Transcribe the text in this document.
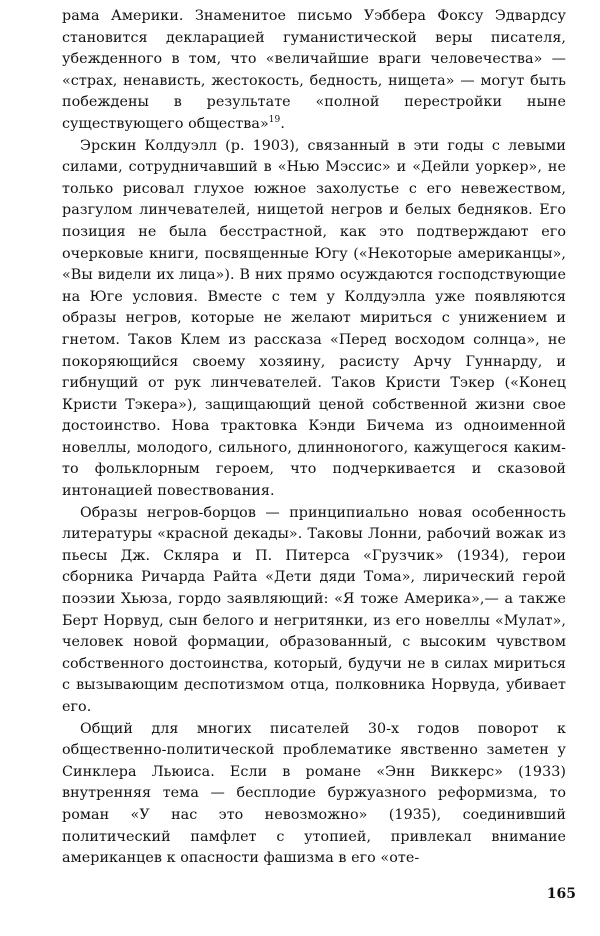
рама Америки. Знаменитое письмо Уэббера Фоксу Эдвардсу становится декларацией гуманистической веры писателя, убежденного в том, что «величайшие враги человечества» — «страх, ненависть, жестокость, бедность, нищета» — могут быть побеждены в результате «полной перестройки ныне существующего общества»$^{19}$.

Эрскин Колдуэлл (р. 1903), связанный в эти годы с левыми силами, сотрудничавший в «Нью Мэссис» и «Дейли уоркер», не только рисовал глухое южное захолустье с его невежеством, разгулом линчевателей, нищетой негров и белых бедняков. Его позиция не была бесстрастной, как это подтверждают его очерковые книги, посвященные Югу («Некоторые американцы», «Вы видели их лица»). В них прямо осуждаются господствующие на Юге условия. Вместе с тем у Колдуэлла уже появляются образы негров, которые не желают мириться с унижением и гнетом. Таков Клем из рассказа «Перед восходом солнца», не покоряющийся своему хозяину, расисту Арчу Гуннарду, и гибнущий от рук линчевателей. Таков Кристи Тэкер («Конец Кристи Тэкера»), защищающий ценой собственной жизни свое достоинство. Нова трактовка Кэнди Бичема из одноименной новеллы, молодого, сильного, длинноногого, кажущегося каким-то фольклорным героем, что подчеркивается и сказовой интонацией повествования.

Образы негров-борцов — принципиально новая особенность литературы «красной декады». Таковы Лонни, рабочий вожак из пьесы Дж. Скляра и П. Питерса «Грузчик» (1934), герои сборника Ричарда Райта «Дети дяди Тома», лирический герой поэзии Хьюза, гордо заявляющий: «Я тоже Америка»,— а также Берт Норвуд, сын белого и негритянки, из его новеллы «Мулат», человек новой формации, образованный, с высоким чувством собственного достоинства, который, будучи не в силах мириться с вызывающим деспотизмом отца, полковника Норвуда, убивает его.

Общий для многих писателей 30-х годов поворот к общественно-политической проблематике явственно заметен у Синклера Льюиса. Если в романе «Энн Виккерс» (1933) внутренняя тема — бесплодие буржуазного реформизма, то роман «У нас это невозможно» (1935), соединивший политический памфлет с утопией, привлекал внимание американцев к опасности фашизма в его «оте-

165
